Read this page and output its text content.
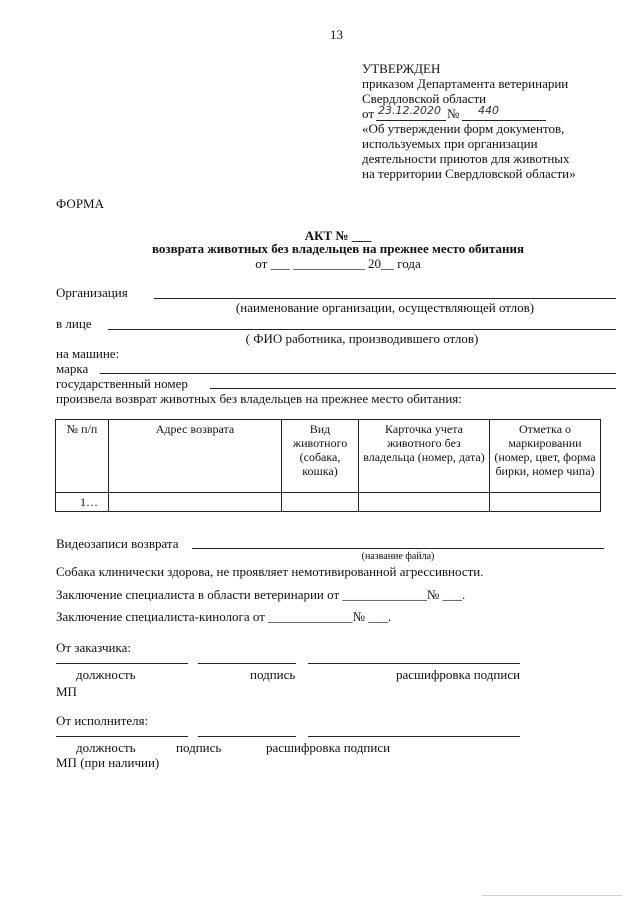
13
УТВЕРЖДЕН
приказом Департамента ветеринарии
Свердловской области
от 23.12.2020 № 440
«Об утверждении форм документов,
используемых при организации
деятельности приютов для животных
на территории Свердловской области»
ФОРМА
АКТ № ___
возврата животных без владельцев на прежнее место обитания
от ___ ___________ 20__ года
Организация
(наименование организации, осуществляющей отлов)
в лице
( ФИО работника, производившего отлов)
на машине:
марка
государственный номер
произвела возврат животных без владельцев на прежнее место обитания:
№ п/п	Адрес возврата	Вид животного (собака, кошка)	Карточка учета животного без владельца (номер, дата)	Отметка о маркировании (номер, цвет, форма бирки, номер чипа)
1…				
Видеозаписи возврата
(название файла)
Собака клинически здорова, не проявляет немотивированной агрессивности.
Заключение специалиста в области ветеринарии от _____________№ ___.
Заключение специалиста-кинолога от _____________№ ___.
От заказчика:
должность	подпись	расшифровка подписи
МП
От исполнителя:
должность	подпись	расшифровка подписи
МП (при наличии)
